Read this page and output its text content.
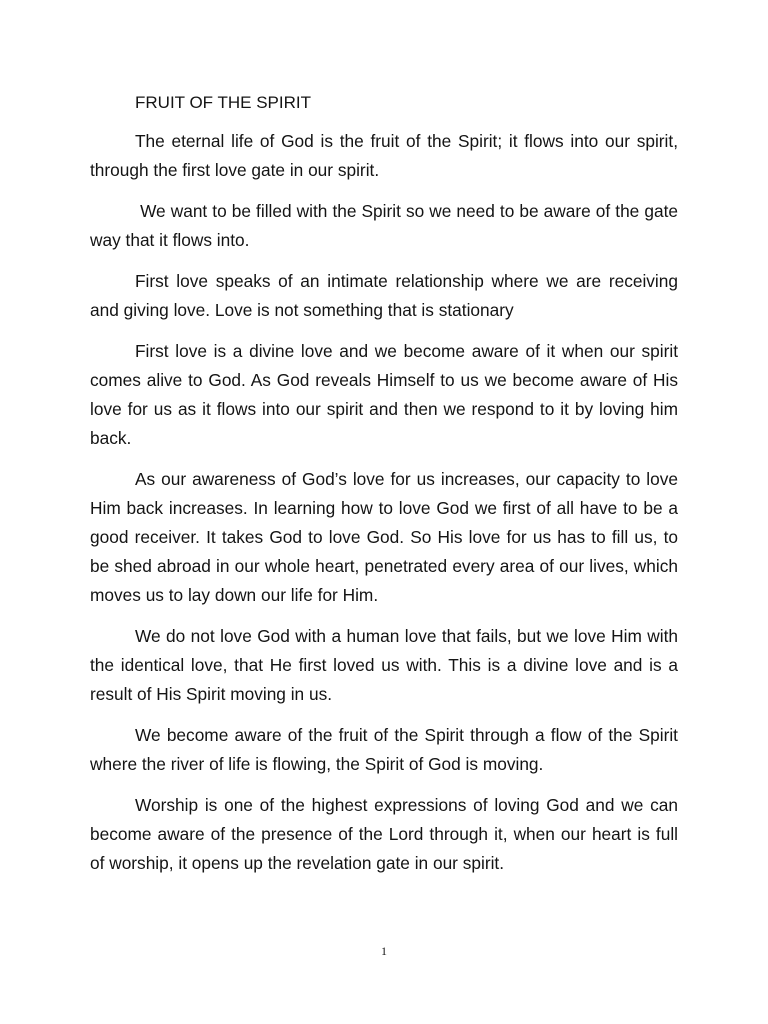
FRUIT OF THE SPIRIT

The eternal life of God is the fruit of the Spirit; it flows into our spirit, through the first love gate in our spirit.

We want to be filled with the Spirit so we need to be aware of the gate way that it flows into.

First love speaks of an intimate relationship where we are receiving and giving love. Love is not something that is stationary

First love is a divine love and we become aware of it when our spirit comes alive to God. As God reveals Himself to us we become aware of His love for us as it flows into our spirit and then we respond to it by loving him back.

As our awareness of God’s love for us increases, our capacity to love Him back increases. In learning how to love God we first of all have to be a good receiver. It takes God to love God. So His love for us has to fill us, to be shed abroad in our whole heart, penetrated every area of our lives, which moves us to lay down our life for Him.

We do not love God with a human love that fails, but we love Him with the identical love, that He first loved us with. This is a divine love and is a result of His Spirit moving in us.

We become aware of the fruit of the Spirit through a flow of the Spirit where the river of life is flowing, the Spirit of God is moving.

Worship is one of the highest expressions of loving God and we can become aware of the presence of the Lord through it, when our heart is full of worship, it opens up the revelation gate in our spirit.

1
